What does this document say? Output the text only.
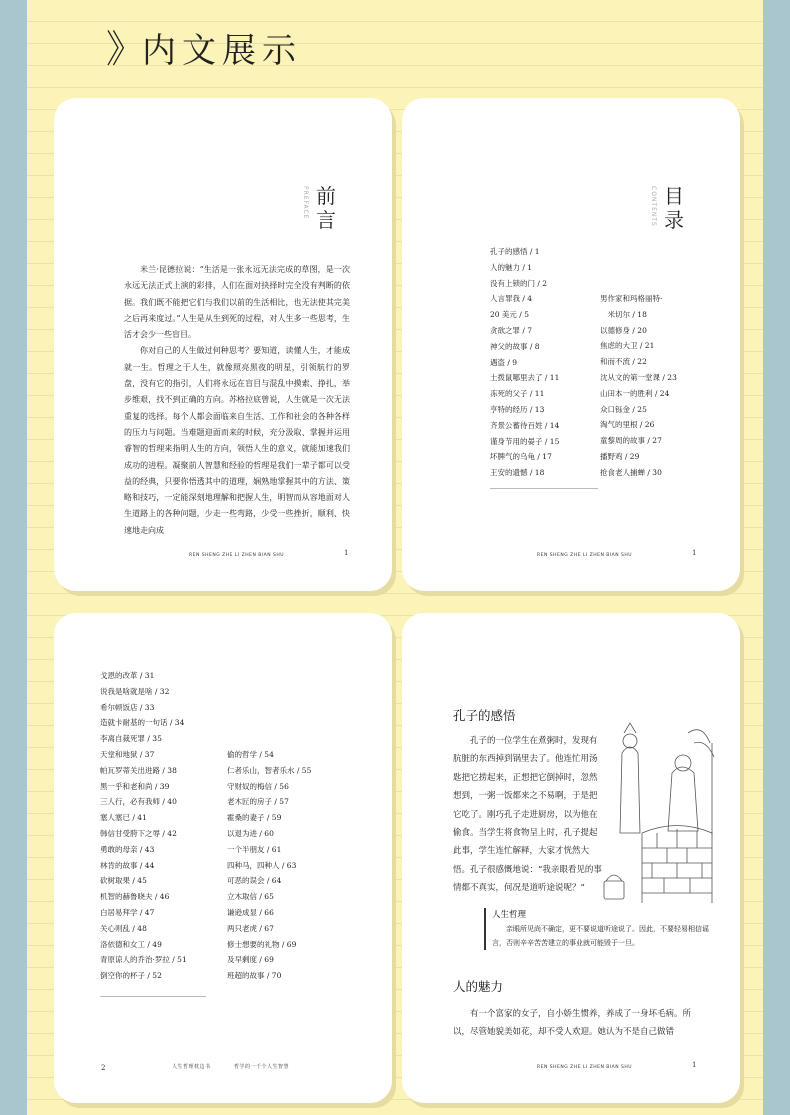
》 内文展示
前
言
PREFACE

米兰·昆德拉说：“生活是一张永远无法完成的草图，是一次永远无法正式上演的彩排，人们在面对抉择时完全没有判断的依据。我们既不能把它们与我们以前的生活相比，也无法使其完美之后再来度过。”人生是从生到死的过程，对人生多一些思考，生活才会少一些盲目。

你对自己的人生做过何种思考？要知道，读懂人生，才能成就一生。哲理之于人生，就像照亮黑夜的明星，引领航行的罗盘，没有它的指引，人们将永远在盲目与混乱中摸索、挣扎，举步维艰，找不到正确的方向。苏格拉底曾说，人生就是一次无法重复的选择。每个人都会面临来自生活、工作和社会的各种各样的压力与问题。当难题迎面而来的时候，充分汲取、掌握并运用睿智的哲理来指明人生的方向，领悟人生的意义，就能加速我们成功的进程。凝聚前人智慧和经验的哲理是我们一辈子都可以受益的经典，只要你悟透其中的道理，娴熟地掌握其中的方法、策略和技巧，一定能深刻地理解和把握人生，明智而从容地面对人生道路上的各种问题，少走一些弯路，少受一些挫折，顺利、快速地走向成

REN SHENG ZHE LI ZHEN BIAN SHU	1
目
录
CONTENTS
孔子的感悟 / 1
人的魅力 / 1
没有上锁的门 / 2
人言罪我 / 4
20 美元 / 5
贪欲之罪 / 7
神父的故事 / 8
遇盗 / 9
土拨鼠哪里去了 / 11
冻死的父子 / 11
亨特的经历 / 13
齐景公蓄待百姓 / 14
谨身节用的晏子 / 15
坏脾气的乌龟 / 17
王安的遗憾 / 18
男作家和玛格丽特·
　米切尔 / 18
以德修身 / 20
焦虑的大卫 / 21
和而不流 / 22
沈从文的第一堂课 / 23
山田本一的胜利 / 24
众口铄金 / 25
淘气的里根 / 26
童黎周的故事 / 27
播野鸡 / 29
抢食老人捕蝉 / 30
REN SHENG ZHE LI ZHEN BIAN SHU	1
戈恩的改革 / 31
说我是啥就是啥 / 32
希尔顿饭店 / 33
造就卡耐基的一句话 / 34
李离自裁死罪 / 35
天堂和地狱 / 37
帕瓦罗蒂关出进路 / 38
黑一乎和老和尚 / 39
三人行，必有我师 / 40
塞人塞已 / 41
韩信甘受胯下之辱 / 42
勇敢的母亲 / 43
林肯的故事 / 44
砍树取果 / 45
机智的赫鲁晓夫 / 46
白居易拜学 / 47
关心则乱 / 48
洛依德和女工 / 49
青原谅人的乔治·罗拉 / 51
倒空你的杯子 / 52
偷的哲学 / 54
仁者乐山，智者乐水 / 55
守财奴的梅信 / 56
老木匠的房子 / 57
霍桑的妻子 / 59
以退为进 / 60
一个半朋友 / 61
四种马，四种人 / 63
可恶的误会 / 64
立木取信 / 65
谦逊成显 / 66
两只老虎 / 67
修士想要的礼物 / 69
及早剩度 / 69
班超的故事 / 70
2	人生哲理枕边书	哲学的一千个人生智慧
孔子的感悟

孔子的一位学生在煮粥时，发现有肮脏的东西掉到锅里去了。他连忙用汤匙把它捞起来，正想把它倒掉时，忽然想到，一粥一饭都来之不易啊，于是把它吃了。刚巧孔子走进厨房，以为他在偷食。当学生将食物呈上时，孔子提起此事，学生连忙解释，大家才恍然大悟。孔子很感慨地说：“我亲眼看见的事情都不真实，何况是道听途说呢？”

人生哲理
亲眼所见尚不确定，更不要说道听途说了。因此，不要轻易相信谣言，否则辛辛苦苦建立的事业就可能毁于一旦。
人的魅力

有一个富家的女子，自小娇生惯养，养成了一身坏毛病。所以，尽管她貌美如花，却不受人欢迎。她认为不是自己做错

REN SHENG ZHE LI ZHEN BIAN SHU	1
